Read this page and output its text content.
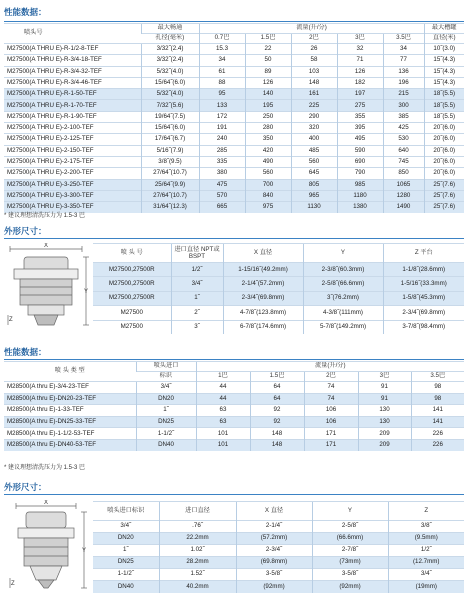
性能数据：
喷头号	最大畅通	流量(升/分)					最大槽罐
	孔径(毫米)	0.7巴	1.5巴	2巴	3巴	3.5巴	直径(米)
M27500(A THRU E)-R-1/2-8-TEF	3/32˝(2.4)	15.3	22	26	32	34	10˝(3.0)
M27500(A THRU E)-R-3/4-18-TEF	3/32˝(2.4)	34	50	58	71	77	15˝(4.3)
M27500(A THRU E)-R-3/4-32-TEF	5/32˝(4.0)	61	89	103	126	136	15˝(4.3)
M27500(A THRU E)-R-3/4-46-TEF	15/64˝(6.0)	88	126	148	182	196	15˝(4.3)
M27500(A THRU E)-R-1-50-TEF	5/32˝(4.0)	95	140	161	197	215	18˝(5.5)
M27500(A THRU E)-R-1-70-TEF	7/32˝(5.6)	133	195	225	275	300	18˝(5.5)
M27500(A THRU E)-R-1-90-TEF	19/64˝(7.5)	172	250	290	355	385	18˝(5.5)
M27500(A THRU E)-2-100-TEF	15/64˝(6.0)	191	280	320	395	425	20˝(6.0)
M27500(A THRU E)-2-125-TEF	17/64˝(6.7)	240	350	400	495	530	20˝(6.0)
M27500(A THRU E)-2-150-TEF	5/16˝(7.9)	285	420	485	590	640	20˝(6.0)
M27500(A THRU E)-2-175-TEF	3/8˝(9.5)	335	490	560	690	745	20˝(6.0)
M27500(A THRU E)-2-200-TEF	27/64˝(10.7)	380	560	645	790	850	20˝(6.0)
M27500(A THRU E)-3-250-TEF	25/64˝(9.9)	475	700	805	985	1065	25˝(7.6)
M27500(A THRU E)-3-300-TEF	27/64˝(10.7)	570	840	965	1180	1280	25˝(7.6)
M27500(A THRU E)-3-350-TEF	31/64˝(12.3)	665	975	1130	1380	1490	25˝(7.6)
* 建议理想清洗压力为 1.5-3 巴
外形尺寸：
X
Y
Z
喷 头 号	进口直径 NPT或 BSPT	X 直径	Y	Z 平台
M27500,27500R	1/2˝	1-15/16˝(49.2mm)	2-3/8˝(60.3mm)	1-1/8˝(28.6mm)
M27500,27500R	3/4˝	2-1/4˝(57.2mm)	2-5/8˝(66.6mm)	1-5/16˝(33.3mm)
M27500,27500R	1˝	2-3/4˝(69.8mm)	3˝(76.2mm)	1-5/8˝(45.3mm)
M27500	2˝	4-7/8˝(123.8mm)	4-3/8˝(111mm)	2-3/4˝(69.8mm)
M27500	3˝	6-7/8˝(174.6mm)	5-7/8˝(149.2mm)	3-7/8˝(98.4mm)
性能数据：
喷 头 类 型	喷头进口	流量(升/分)				
	标识	1巴	1.5巴	2巴	3巴	3.5巴
M28500(A thru E)-3/4-23-TEF	3/4˝	44	64	74	91	98
M28500(A thru E)-DN20-23-TEF	DN20	44	64	74	91	98
M28500(A thru E)-1-33-TEF	1˝	63	92	106	130	141
M28500(A thru E)-DN25-33-TEF	DN25	63	92	106	130	141
M28500(A thru E)-1-1/2-53-TEF	1-1/2˝	101	148	171	209	226
M28500(A thru E)-DN40-53-TEF	DN40	101	148	171	209	226
* 建议理想清洗压力为 1.5-3 巴
外形尺寸：
X
Y
Z
喷头进口标识	进口直径	X 直径	Y	Z
3/4˝	.76˝	2-1/4˝	2-5/8˝	3/8˝
DN20	22.2mm	(57.2mm)	(66.6mm)	(9.5mm)
1˝	1.02˝	2-3/4˝	2-7/8˝	1/2˝
DN25	28.2mm	(69.8mm)	(73mm)	(12.7mm)
1-1/2˝	1.52˝	3-5/8˝	3-5/8˝	3/4˝
DN40	40.2mm	(92mm)	(92mm)	(19mm)
